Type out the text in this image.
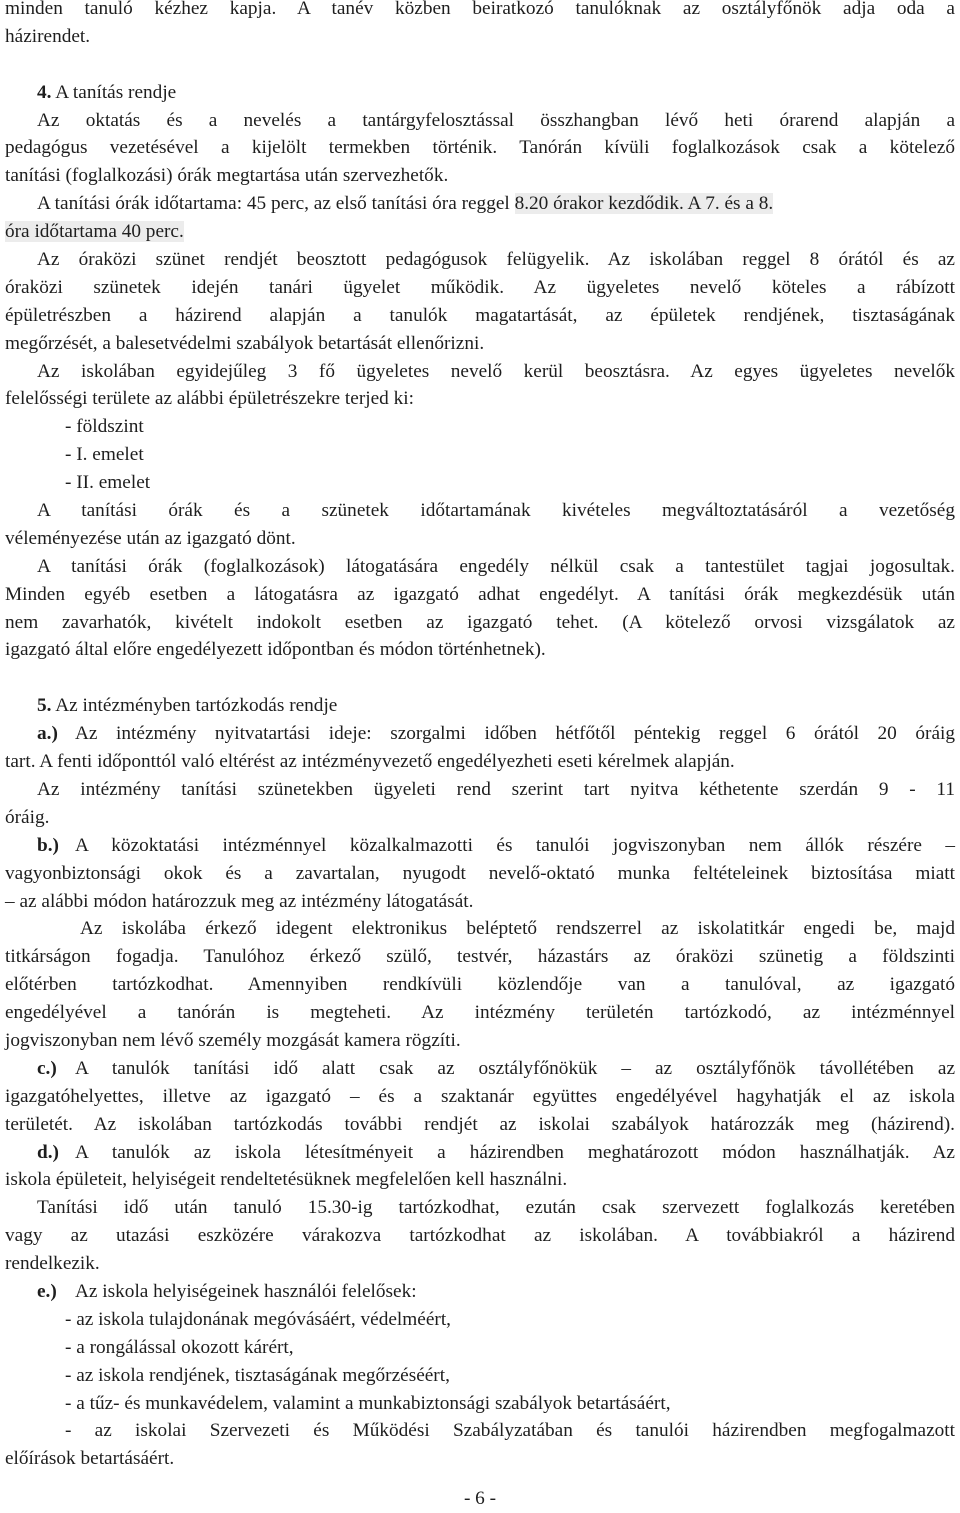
minden tanuló kézhez kapja. A tanév közben beiratkozó tanulóknak az osztályfőnök adja oda a
házirendet.
4. A tanítás rendje
Az oktatás és a nevelés a tantárgyfelosztással összhangban lévő heti órarend alapján a
pedagógus vezetésével a kijelölt termekben történik. Tanórán kívüli foglalkozások csak a kötelező
tanítási (foglalkozási) órák megtartása után szervezhetők.
A tanítási órák időtartama: 45 perc, az első tanítási óra reggel 8.20 órakor kezdődik. A 7. és a 8.
óra időtartama 40 perc.
Az óraközi szünet rendjét beosztott pedagógusok felügyelik. Az iskolában reggel 8 órától és az
óraközi szünetek idején tanári ügyelet működik. Az ügyeletes nevelő köteles a rábízott
épületrészben a házirend alapján a tanulók magatartását, az épületek rendjének, tisztaságának
megőrzését, a balesetvédelmi szabályok betartását ellenőrizni.
Az iskolában egyidejűleg 3 fő ügyeletes nevelő kerül beosztásra. Az egyes ügyeletes nevelők
felelősségi területe az alábbi épületrészekre terjed ki:
- földszint
- I. emelet
- II. emelet
A tanítási órák és a szünetek időtartamának kivételes megváltoztatásáról a vezetőség
véleményezése után az igazgató dönt.
A tanítási órák (foglalkozások) látogatására engedély nélkül csak a tantestület tagjai jogosultak.
Minden egyéb esetben a látogatásra az igazgató adhat engedélyt. A tanítási órák megkezdésük után
nem zavarhatók, kivételt indokolt esetben az igazgató tehet. (A kötelező orvosi vizsgálatok az
igazgató által előre engedélyezett időpontban és módon történhetnek).
5. Az intézményben tartózkodás rendje
a.) Az intézmény nyitvatartási ideje: szorgalmi időben hétfőtől péntekig reggel 6 órától 20 óráig
tart. A fenti időponttól való eltérést az intézményvezető engedélyezheti eseti kérelmek alapján.
Az intézmény tanítási szünetekben ügyeleti rend szerint tart nyitva kéthetente szerdán 9 - 11
óráig.
b.) A közoktatási intézménnyel közalkalmazotti és tanulói jogviszonyban nem állók részére –
vagyonbiztonsági okok és a zavartalan, nyugodt nevelő-oktató munka feltételeinek biztosítása miatt
– az alábbi módon határozzuk meg az intézmény látogatását.
Az iskolába érkező idegent elektronikus beléptető rendszerrel az iskolatitkár engedi be, majd
titkárságon fogadja. Tanulóhoz érkező szülő, testvér, házastárs az óraközi szünetig a földszinti
előtérben tartózkodhat. Amennyiben rendkívüli közlendője van a tanulóval, az igazgató
engedélyével a tanórán is megteheti. Az intézmény területén tartózkodó, az intézménnyel
jogviszonyban nem lévő személy mozgását kamera rögzíti.
c.) A tanulók tanítási idő alatt csak az osztályfőnökük – az osztályfőnök távollétében az
igazgatóhelyettes, illetve az igazgató – és a szaktanár együttes engedélyével hagyhatják el az iskola
területét. Az iskolában tartózkodás további rendjét az iskolai szabályok határozzák meg (házirend).
d.) A tanulók az iskola létesítményeit a házirendben meghatározott módon használhatják. Az
iskola épületeit, helyiségeit rendeltetésüknek megfelelően kell használni.
Tanítási idő után tanuló 15.30-ig tartózkodhat, ezután csak szervezett foglalkozás keretében
vagy az utazási eszközére várakozva tartózkodhat az iskolában. A továbbiakról a házirend
rendelkezik.
e.) Az iskola helyiségeinek használói felelősek:
- az iskola tulajdonának megóvásáért, védelméért,
- a rongálással okozott kárért,
- az iskola rendjének, tisztaságának megőrzéséért,
- a tűz- és munkavédelem, valamint a munkabiztonsági szabályok betartásáért,
- az iskolai Szervezeti és Működési Szabályzatában és tanulói házirendben megfogalmazott
előírások betartásáért.
- 6 -
